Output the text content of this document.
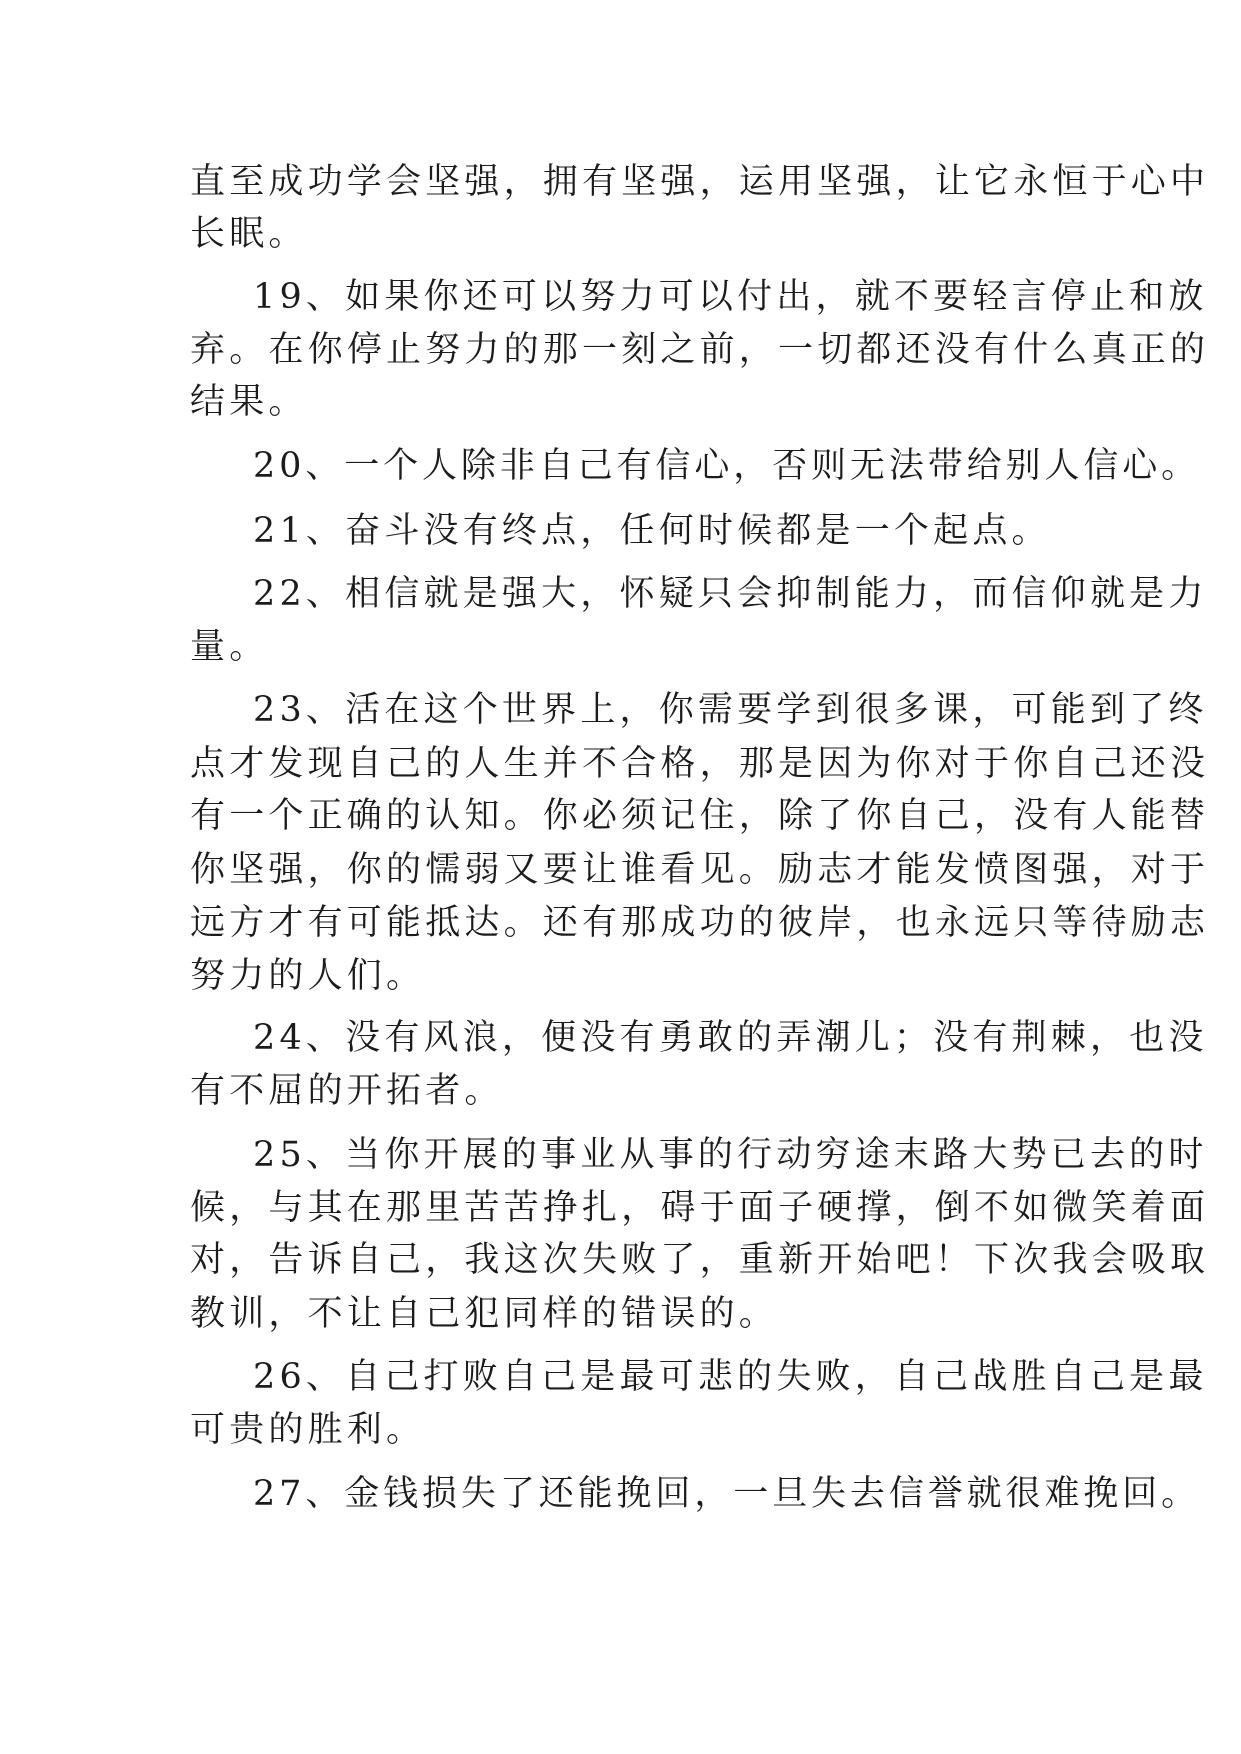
直至成功学会坚强，拥有坚强，运用坚强，让它永恒于心中
长眠。
19、如果你还可以努力可以付出，就不要轻言停止和放
弃。在你停止努力的那一刻之前，一切都还没有什么真正的
结果。
20、一个人除非自己有信心，否则无法带给别人信心。
21、奋斗没有终点，任何时候都是一个起点。
22、相信就是强大，怀疑只会抑制能力，而信仰就是力
量。
23、活在这个世界上，你需要学到很多课，可能到了终
点才发现自己的人生并不合格，那是因为你对于你自己还没
有一个正确的认知。你必须记住，除了你自己，没有人能替
你坚强，你的懦弱又要让谁看见。励志才能发愤图强，对于
远方才有可能抵达。还有那成功的彼岸，也永远只等待励志
努力的人们。
24、没有风浪，便没有勇敢的弄潮儿；没有荆棘，也没
有不屈的开拓者。
25、当你开展的事业从事的行动穷途末路大势已去的时
候，与其在那里苦苦挣扎，碍于面子硬撑，倒不如微笑着面
对，告诉自己，我这次失败了，重新开始吧！下次我会吸取
教训，不让自己犯同样的错误的。
26、自己打败自己是最可悲的失败，自己战胜自己是最
可贵的胜利。
27、金钱损失了还能挽回，一旦失去信誉就很难挽回。
